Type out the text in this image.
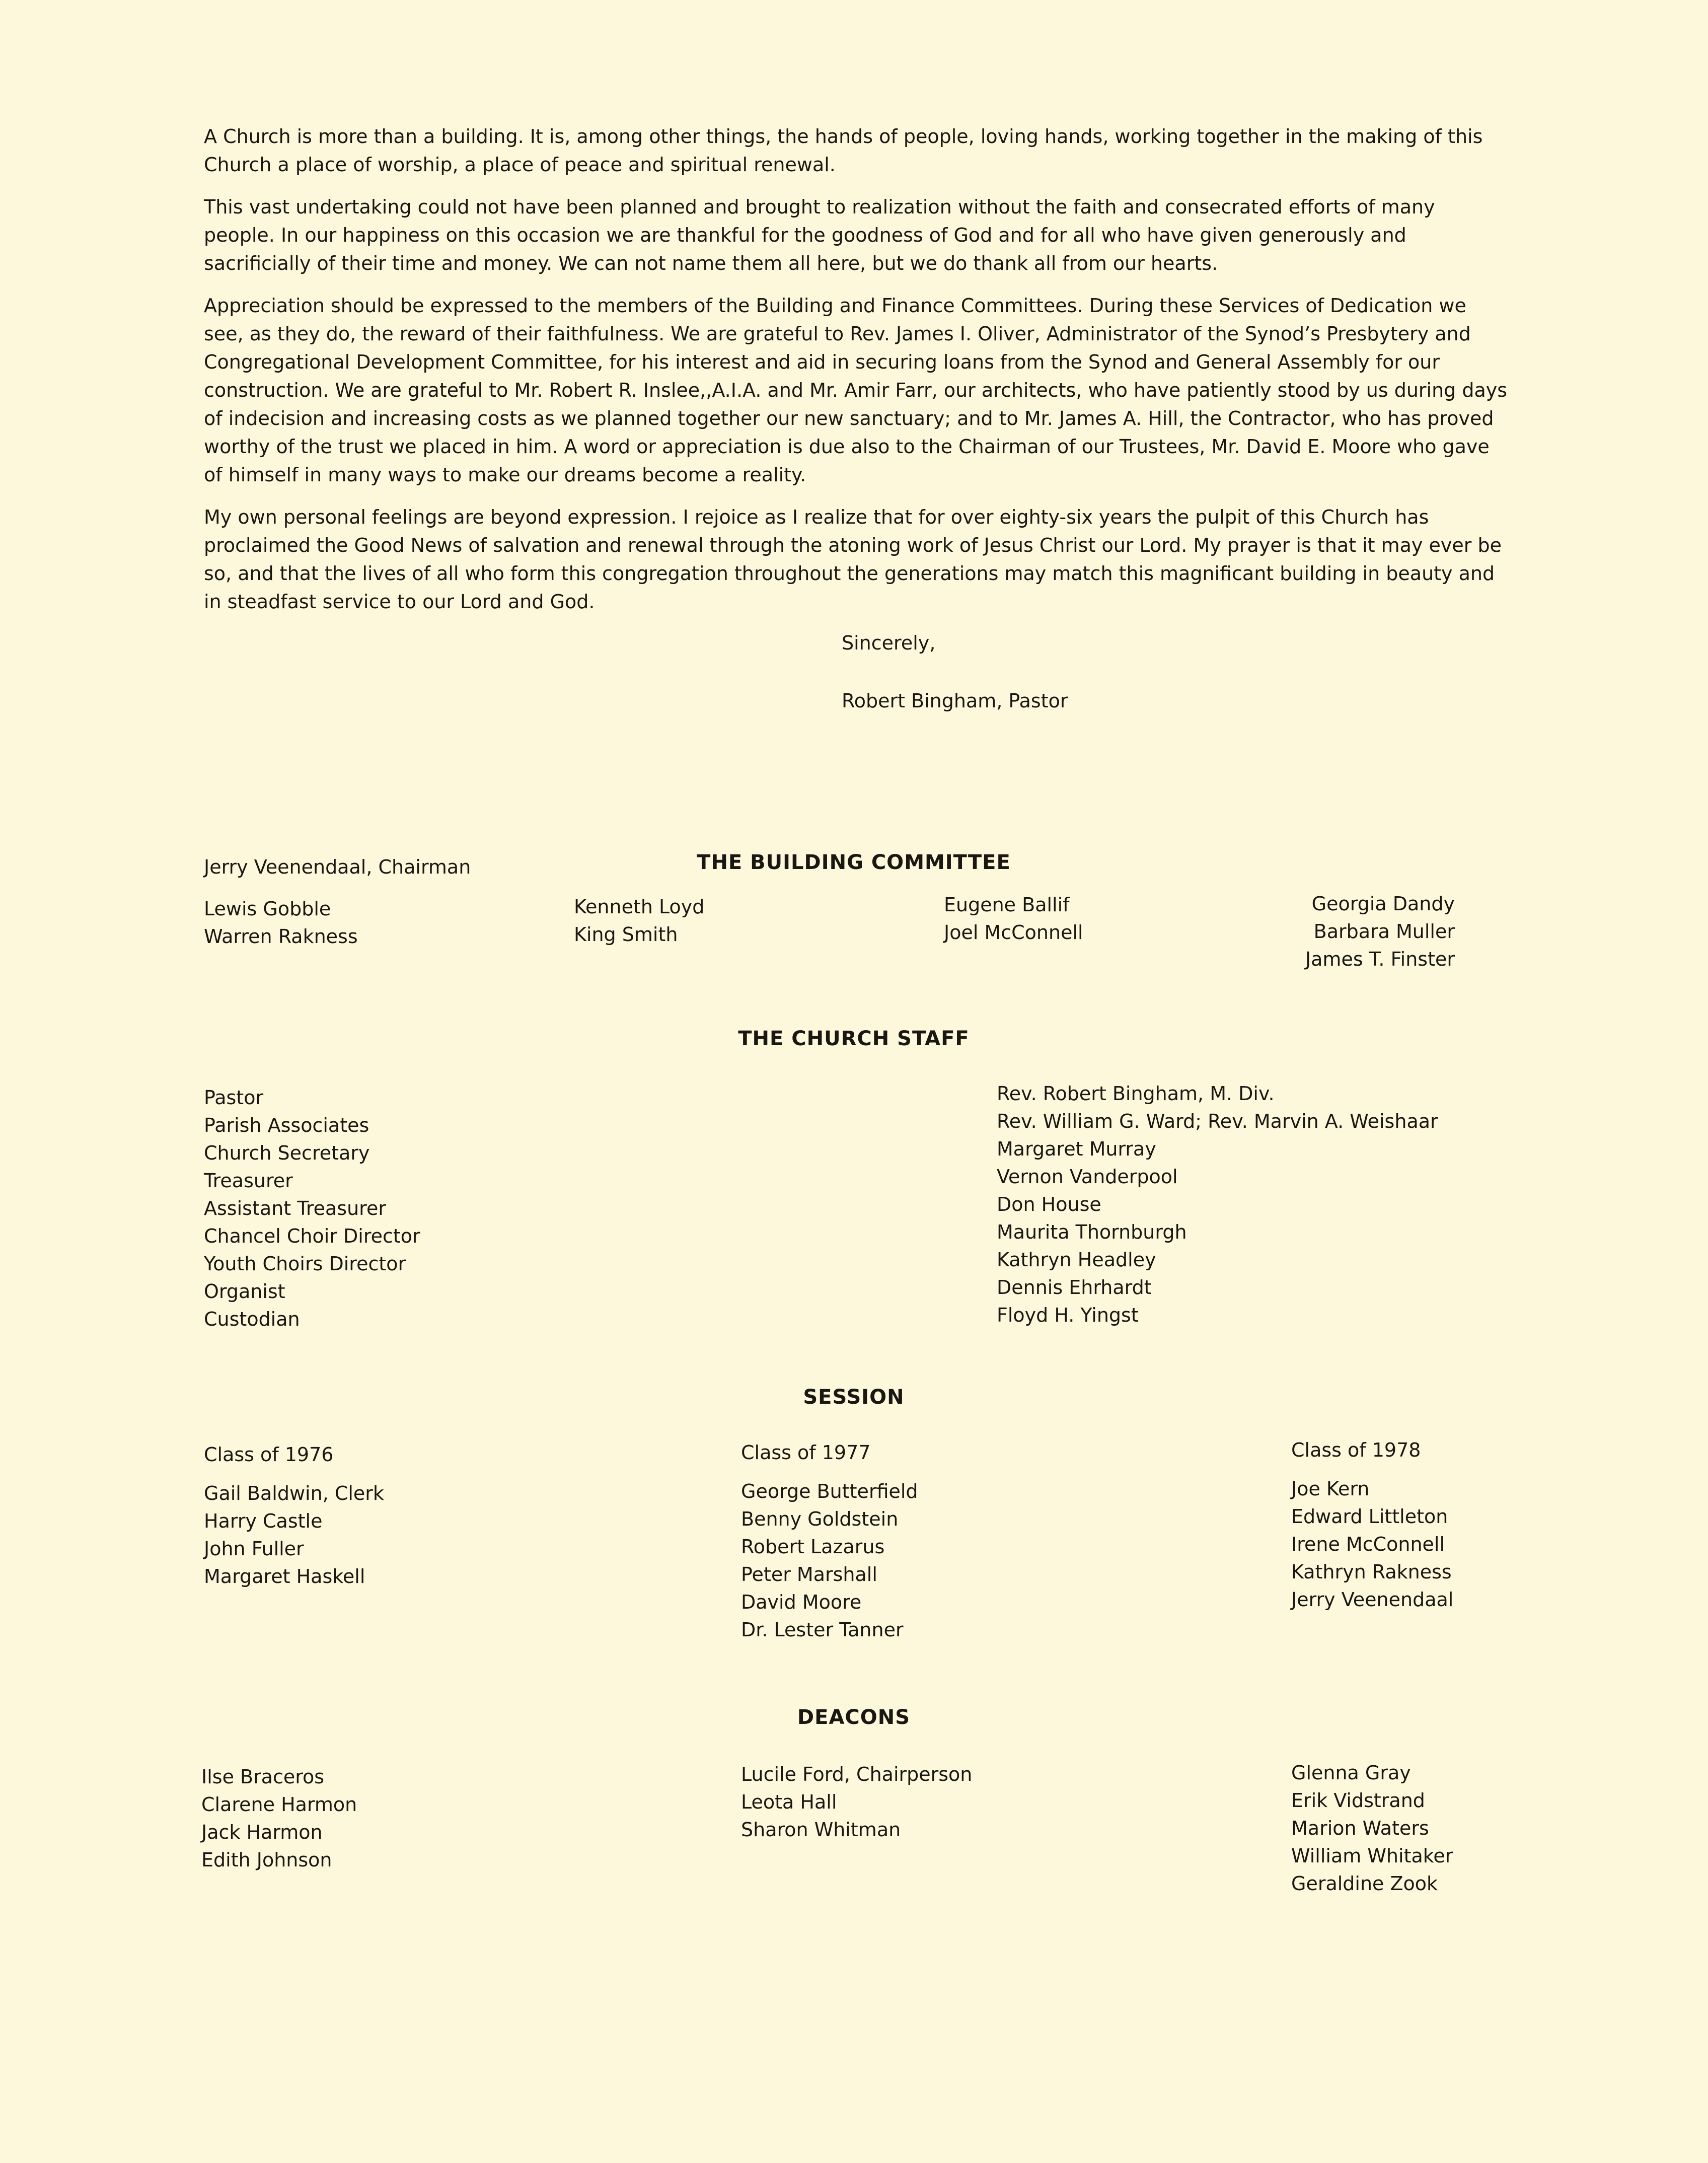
A Church is more than a building. It is, among other things, the hands of people, loving hands, working together in the making of this Church a place of worship, a place of peace and spiritual renewal.

This vast undertaking could not have been planned and brought to realization without the faith and consecrated efforts of many people. In our happiness on this occasion we are thankful for the goodness of God and for all who have given generously and sacrificially of their time and money. We can not name them all here, but we do thank all from our hearts.

Appreciation should be expressed to the members of the Building and Finance Committees. During these Services of Dedication we see, as they do, the reward of their faithfulness. We are grateful to Rev. James I. Oliver, Administrator of the Synod’s Presbytery and Congregational Development Committee, for his interest and aid in securing loans from the Synod and General Assembly for our construction. We are grateful to Mr. Robert R. Inslee,,A.I.A. and Mr. Amir Farr, our architects, who have patiently stood by us during days of indecision and increasing costs as we planned together our new sanctuary; and to Mr. James A. Hill, the Contractor, who has proved worthy of the trust we placed in him. A word or appreciation is due also to the Chairman of our Trustees, Mr. David E. Moore who gave of himself in many ways to make our dreams become a reality.

My own personal feelings are beyond expression. I rejoice as I realize that for over eighty-six years the pulpit of this Church has proclaimed the Good News of salvation and renewal through the atoning work of Jesus Christ our Lord. My prayer is that it may ever be so, and that the lives of all who form this congregation throughout the generations may match this magnificant building in beauty and in steadfast service to our Lord and God.

Sincerely,
Robert Bingham, Pastor
Jerry Veenendaal, Chairman	THE BUILDING COMMITTEE
Lewis Gobble
Warren Rakness
Kenneth Loyd
King Smith
Eugene Ballif
Joel McConnell
Georgia Dandy
Barbara Muller
James T. Finster
THE CHURCH STAFF
Pastor
Parish Associates
Church Secretary
Treasurer
Assistant Treasurer
Chancel Choir Director
Youth Choirs Director
Organist
Custodian
Rev. Robert Bingham, M. Div.
Rev. William G. Ward; Rev. Marvin A. Weishaar
Margaret Murray
Vernon Vanderpool
Don House
Maurita Thornburgh
Kathryn Headley
Dennis Ehrhardt
Floyd H. Yingst
SESSION
Class of 1976
Gail Baldwin, Clerk
Harry Castle
John Fuller
Margaret Haskell
Class of 1977
George Butterfield
Benny Goldstein
Robert Lazarus
Peter Marshall
David Moore
Dr. Lester Tanner
Class of 1978
Joe Kern
Edward Littleton
Irene McConnell
Kathryn Rakness
Jerry Veenendaal
DEACONS
Ilse Braceros
Clarene Harmon
Jack Harmon
Edith Johnson
Lucile Ford, Chairperson
Leota Hall
Sharon Whitman
Glenna Gray
Erik Vidstrand
Marion Waters
William Whitaker
Geraldine Zook
